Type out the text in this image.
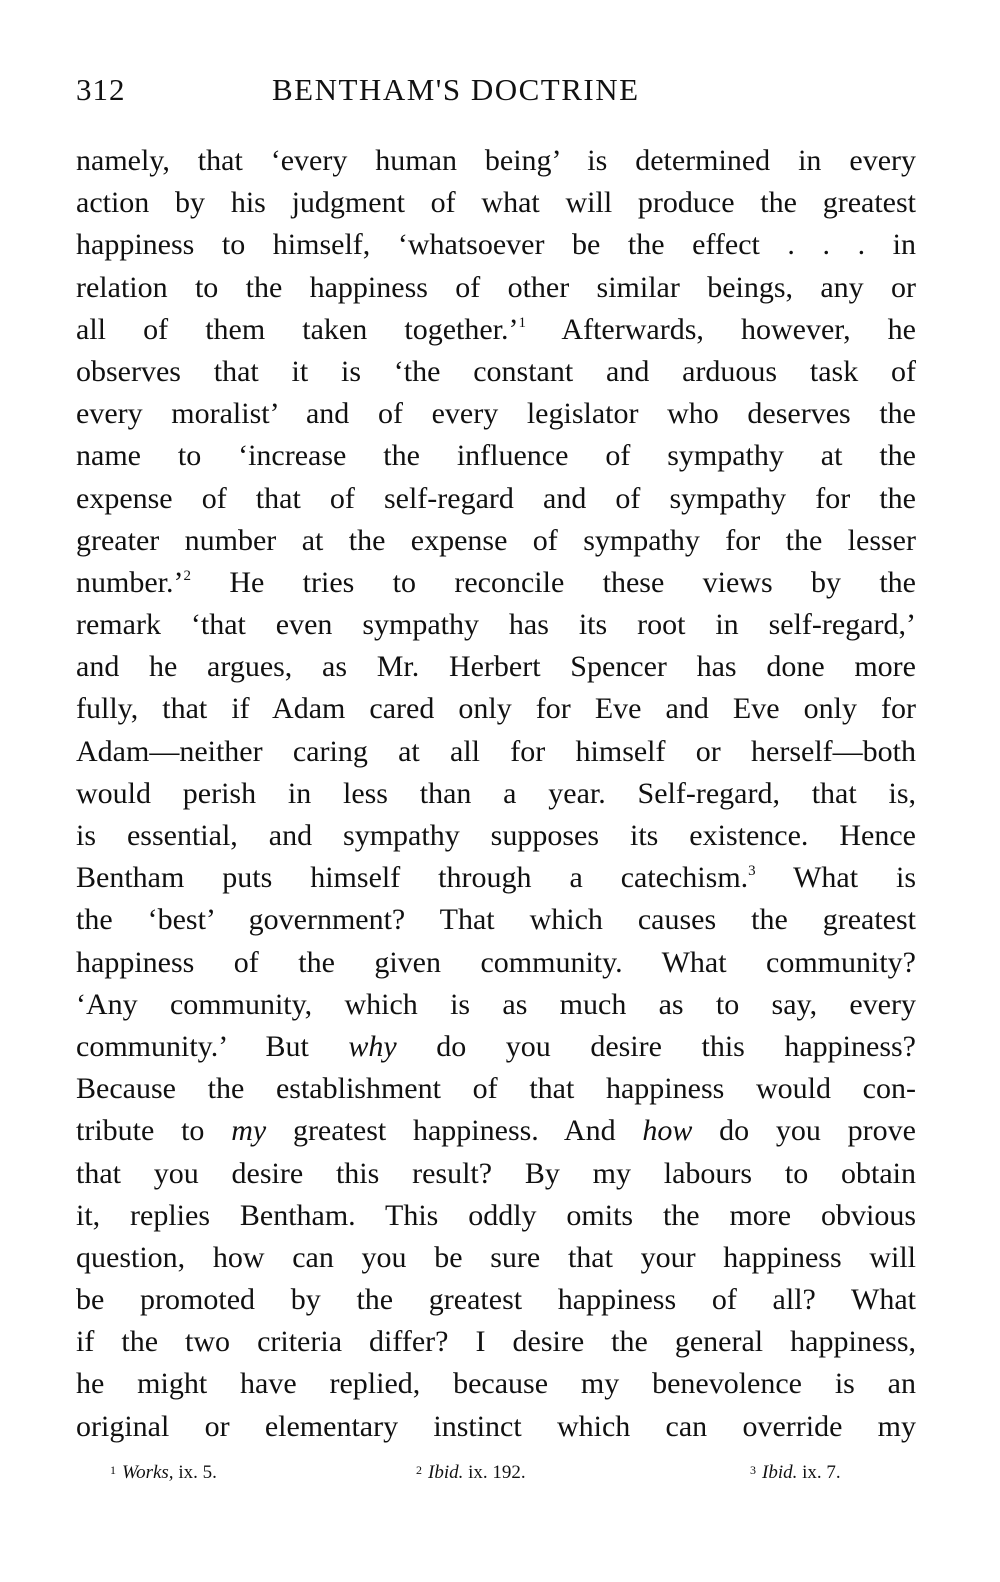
312	BENTHAM'S DOCTRINE
namely, that ‘every human being’ is determined in every
action by his judgment of what will produce the greatest
happiness to himself, ‘whatsoever be the effect . . . in
relation to the happiness of other similar beings, any or
all of them taken together.’$^1$ Afterwards, however, he
observes that it is ‘the constant and arduous task of
every moralist’ and of every legislator who deserves the
name to ‘increase the influence of sympathy at the
expense of that of self-regard and of sympathy for the
greater number at the expense of sympathy for the lesser
number.’$^2$ He tries to reconcile these views by the
remark ‘that even sympathy has its root in self-regard,’
and he argues, as Mr. Herbert Spencer has done more
fully, that if Adam cared only for Eve and Eve only for
Adam—neither caring at all for himself or herself—both
would perish in less than a year. Self-regard, that is,
is essential, and sympathy supposes its existence. Hence
Bentham puts himself through a catechism.$^3$ What is
the ‘best’ government? That which causes the greatest
happiness of the given community. What community?
‘Any community, which is as much as to say, every
community.’ But why do you desire this happiness?
Because the establishment of that happiness would con-
tribute to my greatest happiness. And how do you prove
that you desire this result? By my labours to obtain
it, replies Bentham. This oddly omits the more obvious
question, how can you be sure that your happiness will
be promoted by the greatest happiness of all? What
if the two criteria differ? I desire the general happiness,
he might have replied, because my benevolence is an
original or elementary instinct which can override my
$^1$ Works, ix. 5.	$^2$ Ibid. ix. 192.	$^3$ Ibid. ix. 7.
